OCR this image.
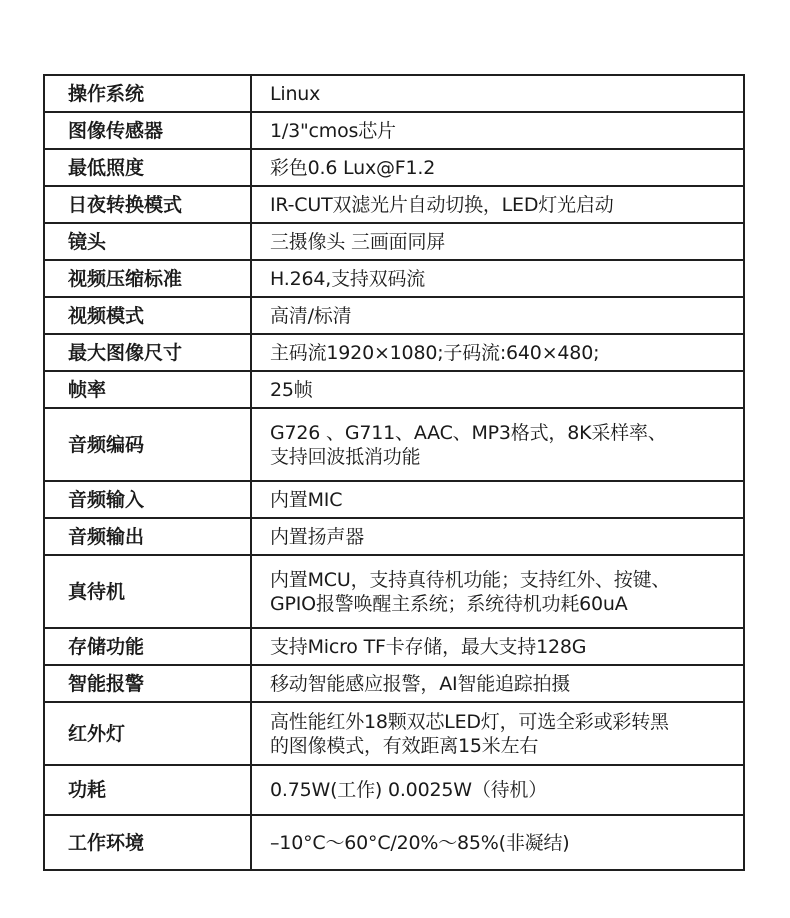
操作系统	Linux
图像传感器	1/3"cmos芯片
最低照度	彩色0.6 Lux@F1.2
日夜转换模式	IR-CUT双滤光片自动切换，LED灯光启动
镜头	三摄像头 三画面同屏
视频压缩标准	H.264,支持双码流
视频模式	高清/标清
最大图像尺寸	主码流1920×1080;子码流:640×480;
帧率	25帧
音频编码	G726 、G711、AAC、MP3格式，8K采样率、
支持回波抵消功能
音频输入	内置MIC
音频输出	内置扬声器
真待机	内置MCU，支持真待机功能；支持红外、按键、
GPIO报警唤醒主系统；系统待机功耗60uA
存储功能	支持Micro TF卡存储，最大支持128G
智能报警	移动智能感应报警，AI智能追踪拍摄
红外灯	高性能红外18颗双芯LED灯，可选全彩或彩转黑
的图像模式，有效距离15米左右
功耗	0.75W(工作) 0.0025W（待机）
工作环境	–10°C～60°C/20%～85%(非凝结)
